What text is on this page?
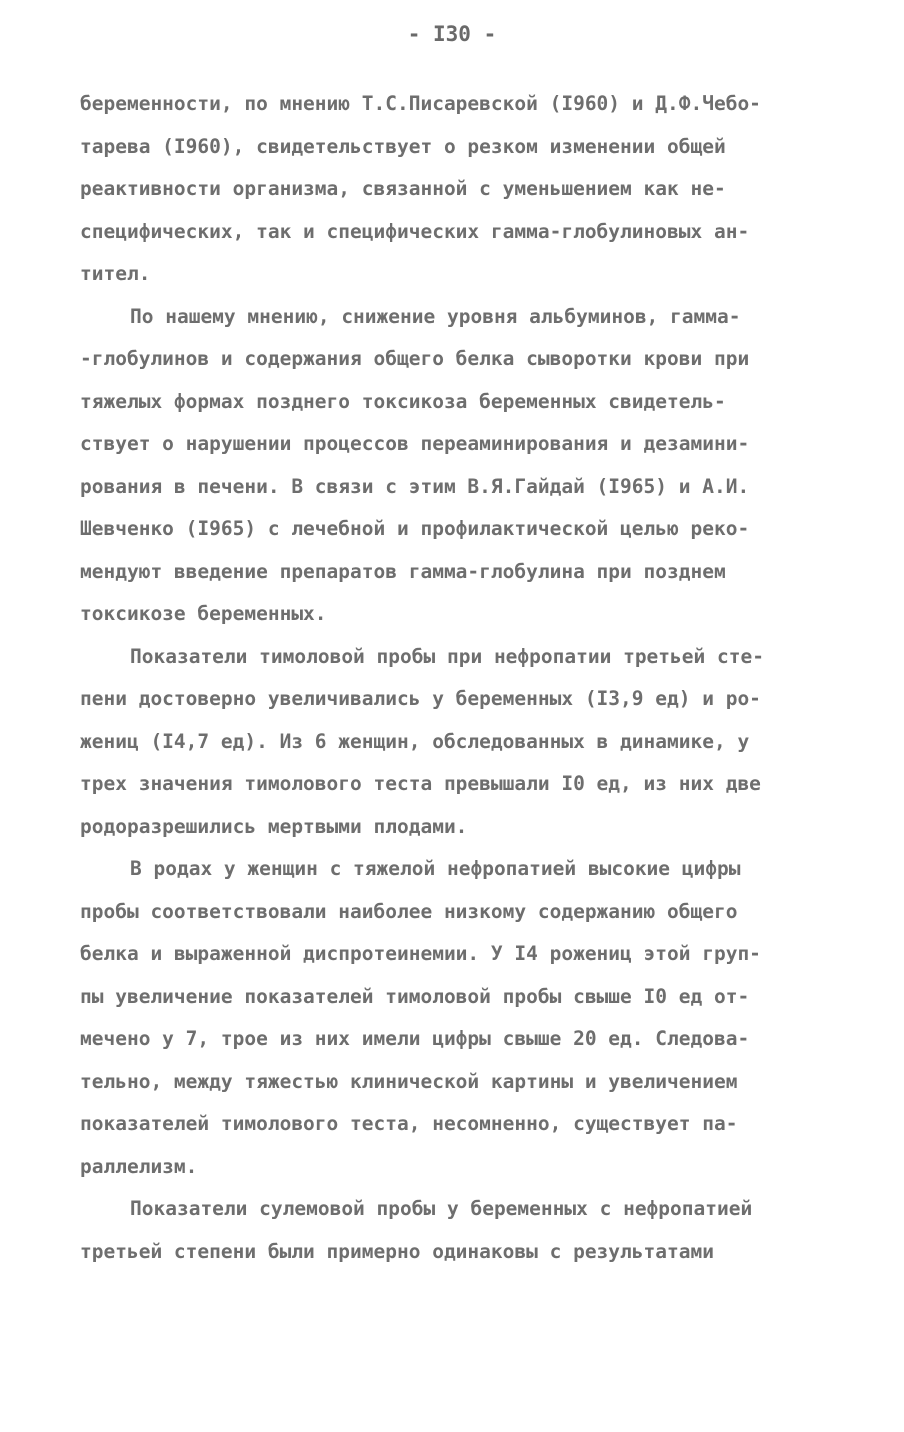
- I30 -
беременности, по мнению Т.С.Писаревской (I960) и Д.Ф.Чебо-
тарева (I960), свидетельствует о резком изменении общей
реактивности организма, связанной с уменьшением как не-
специфических, так и специфических гамма-глобулиновых ан-
тител.
По нашему мнению, снижение уровня альбуминов, гамма-
-глобулинов и содержания общего белка сыворотки крови при
тяжелых формах позднего токсикоза беременных свидетель-
ствует о нарушении процессов переаминирования и дезамини-
рования в печени. В связи с этим В.Я.Гайдай (I965) и А.И.
Шевченко (I965) с лечебной и профилактической целью реко-
мендуют введение препаратов гамма-глобулина при позднем
токсикозе беременных.
Показатели тимоловой пробы при нефропатии третьей сте-
пени достоверно увеличивались у беременных (I3,9 ед) и ро-
жениц (I4,7 ед). Из 6 женщин, обследованных в динамике, у
трех значения тимолового теста превышали I0 ед, из них две
родоразрешились мертвыми плодами.
В родах у женщин с тяжелой нефропатией высокие цифры
пробы соответствовали наиболее низкому содержанию общего
белка и выраженной диспротеинемии. У I4 рожениц этой груп-
пы увеличение показателей тимоловой пробы свыше I0 ед от-
мечено у 7, трое из них имели цифры свыше 20 ед. Следова-
тельно, между тяжестью клинической картины и увеличением
показателей тимолового теста, несомненно, существует па-
раллелизм.
Показатели сулемовой пробы у беременных с нефропатией
третьей степени были примерно одинаковы с результатами
